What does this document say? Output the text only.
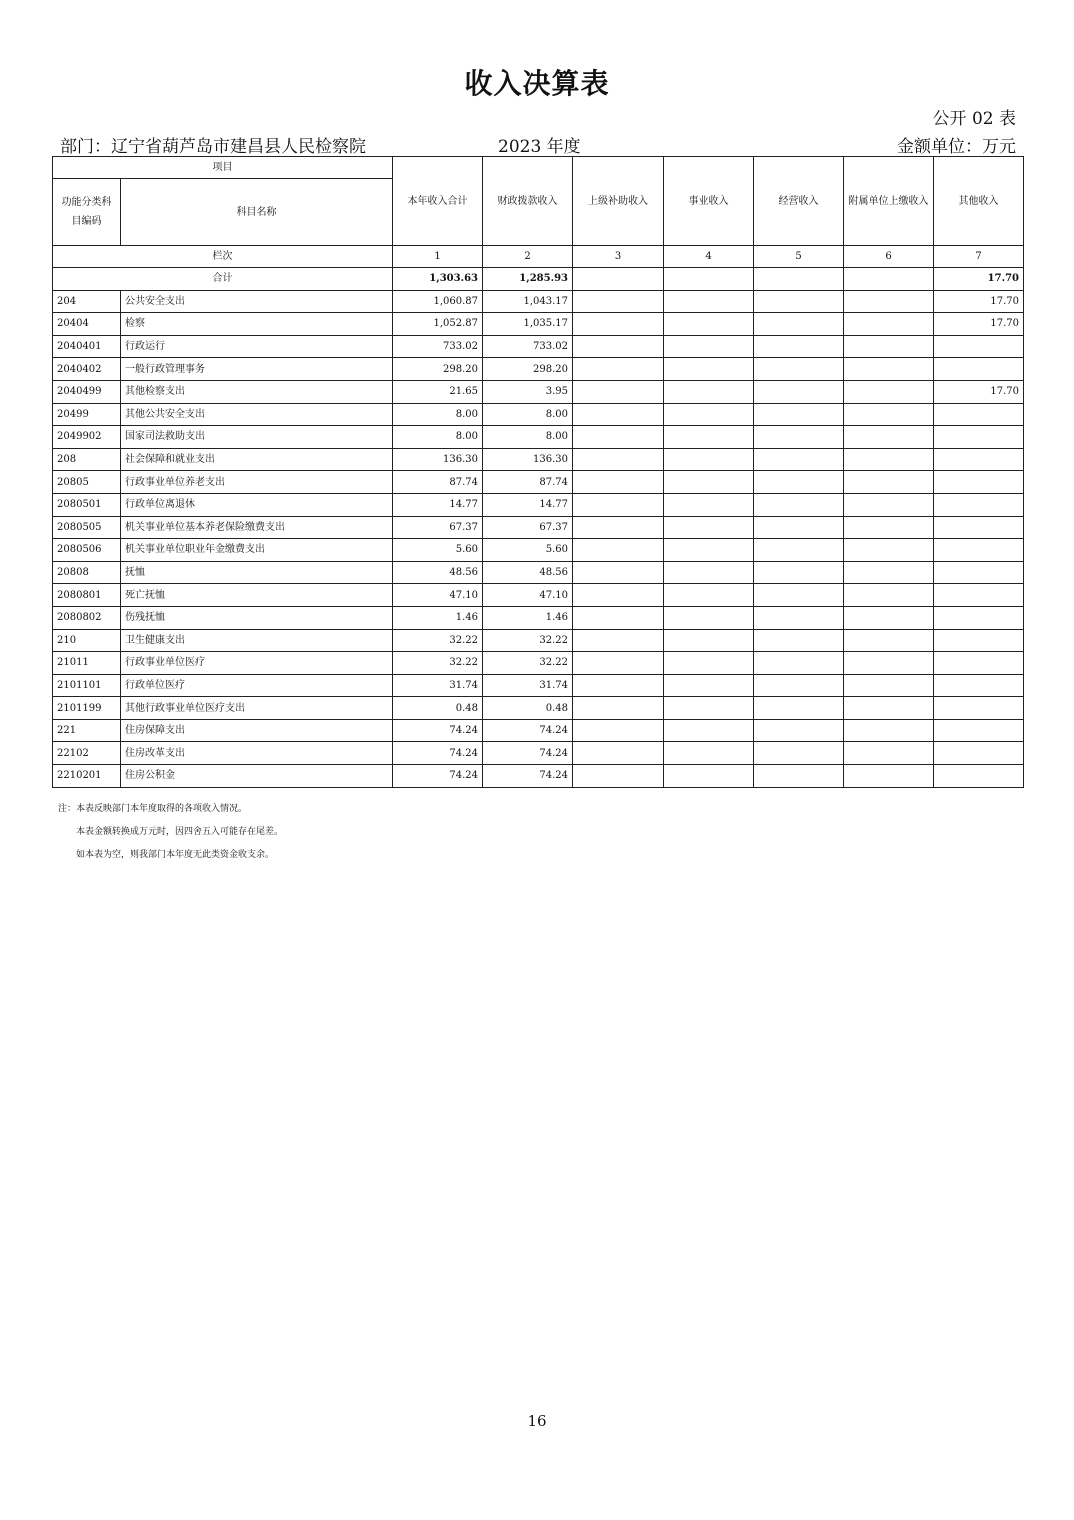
收入决算表
公开 02 表
部门：辽宁省葫芦岛市建昌县人民检察院	2023 年度	金额单位：万元
项目		本年收入合计	财政拨款收入	上级补助收入	事业收入	经营收入	附属单位上缴收入	其他收入
功能分类科目编码	科目名称							
栏次		1	2	3	4	5	6	7
合计		1,303.63	1,285.93					17.70
204	公共安全支出	1,060.87	1,043.17					17.70
20404	检察	1,052.87	1,035.17					17.70
2040401	行政运行	733.02	733.02					
2040402	一般行政管理事务	298.20	298.20					
2040499	其他检察支出	21.65	3.95					17.70
20499	其他公共安全支出	8.00	8.00					
2049902	国家司法救助支出	8.00	8.00					
208	社会保障和就业支出	136.30	136.30					
20805	行政事业单位养老支出	87.74	87.74					
2080501	行政单位离退休	14.77	14.77					
2080505	机关事业单位基本养老保险缴费支出	67.37	67.37					
2080506	机关事业单位职业年金缴费支出	5.60	5.60					
20808	抚恤	48.56	48.56					
2080801	死亡抚恤	47.10	47.10					
2080802	伤残抚恤	1.46	1.46					
210	卫生健康支出	32.22	32.22					
21011	行政事业单位医疗	32.22	32.22					
2101101	行政单位医疗	31.74	31.74					
2101199	其他行政事业单位医疗支出	0.48	0.48					
221	住房保障支出	74.24	74.24					
22102	住房改革支出	74.24	74.24					
2210201	住房公积金	74.24	74.24					
注：本表反映部门本年度取得的各项收入情况。
本表金额转换成万元时，因四舍五入可能存在尾差。
如本表为空，则我部门本年度无此类资金收支余。
16
